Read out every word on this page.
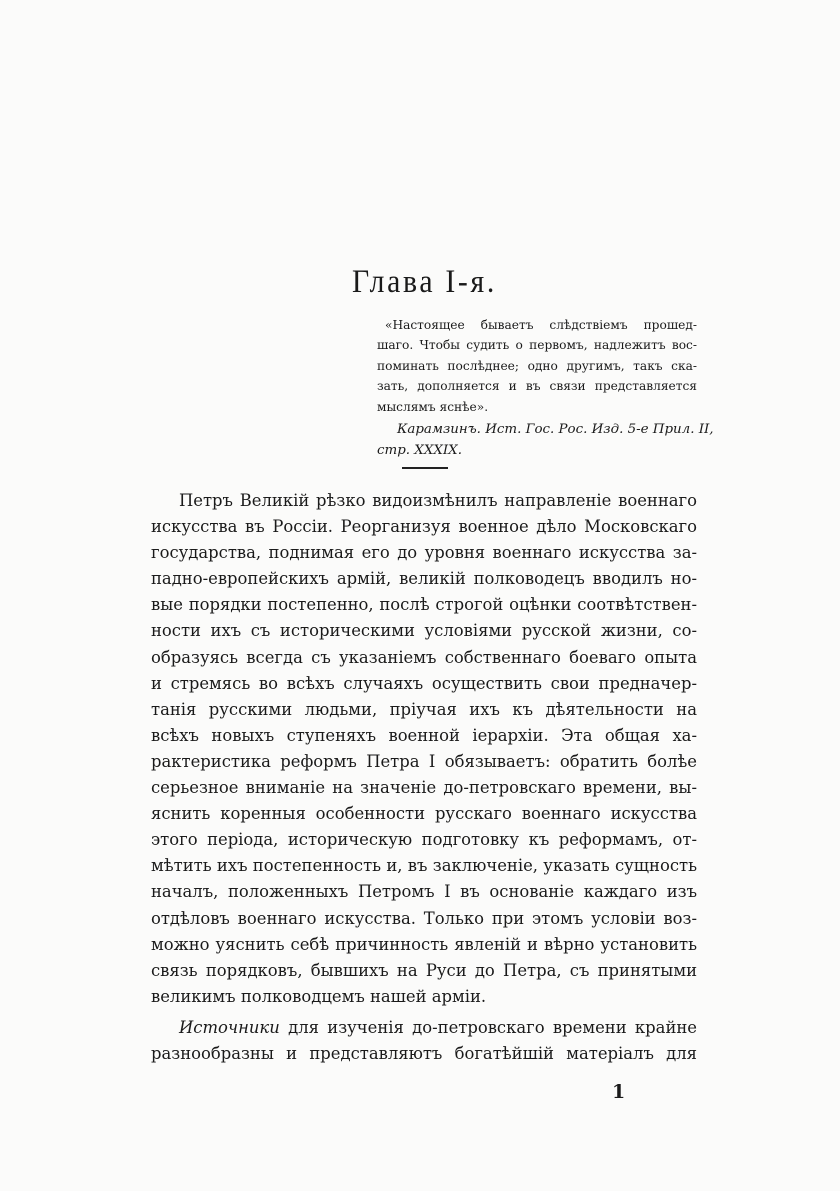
Глава I-я.
«Настоящее бываетъ слѣдствіемъ прошед-
шаго. Чтобы судить о первомъ, надлежитъ вос-
поминать послѣднее; одно другимъ, такъ ска-
зать, дополняется и въ связи представляется
мыслямъ яснѣе».
Карамзинъ. Ист. Гос. Рос. Изд. 5-е Прил. II,
стр. XXXIX.
Петръ Великій рѣзко видоизмѣнилъ направленіе военнаго
искусства въ Россіи. Реорганизуя военное дѣло Московскаго
государства, поднимая его до уровня военнаго искусства за-
падно-европейскихъ армій, великій полководецъ вводилъ но-
вые порядки постепенно, послѣ строгой оцѣнки соотвѣтствен-
ности ихъ съ историческими условіями русской жизни, со-
образуясь всегда съ указаніемъ собственнаго боеваго опыта
и стремясь во всѣхъ случаяхъ осуществить свои предначер-
танія русскими людьми, пріучая ихъ къ дѣятельности на
всѣхъ новыхъ ступеняхъ военной іерархіи. Эта общая ха-
рактеристика реформъ Петра I обязываетъ: обратить болѣе
серьезное вниманіе на значеніе до-петровскаго времени, вы-
яснить коренныя особенности русскаго военнаго искусства
этого періода, историческую подготовку къ реформамъ, от-
мѣтить ихъ постепенность и, въ заключеніе, указать сущность
началъ, положенныхъ Петромъ I въ основаніе каждаго изъ
отдѣловъ военнаго искусства. Только при этомъ условіи воз-
можно уяснить себѣ причинность явленій и вѣрно установить
связь порядковъ, бывшихъ на Руси до Петра, съ принятыми
великимъ полководцемъ нашей арміи.
Источники для изученія до-петровскаго времени крайне
разнообразны и представляютъ богатѣйшій матеріалъ для
1
